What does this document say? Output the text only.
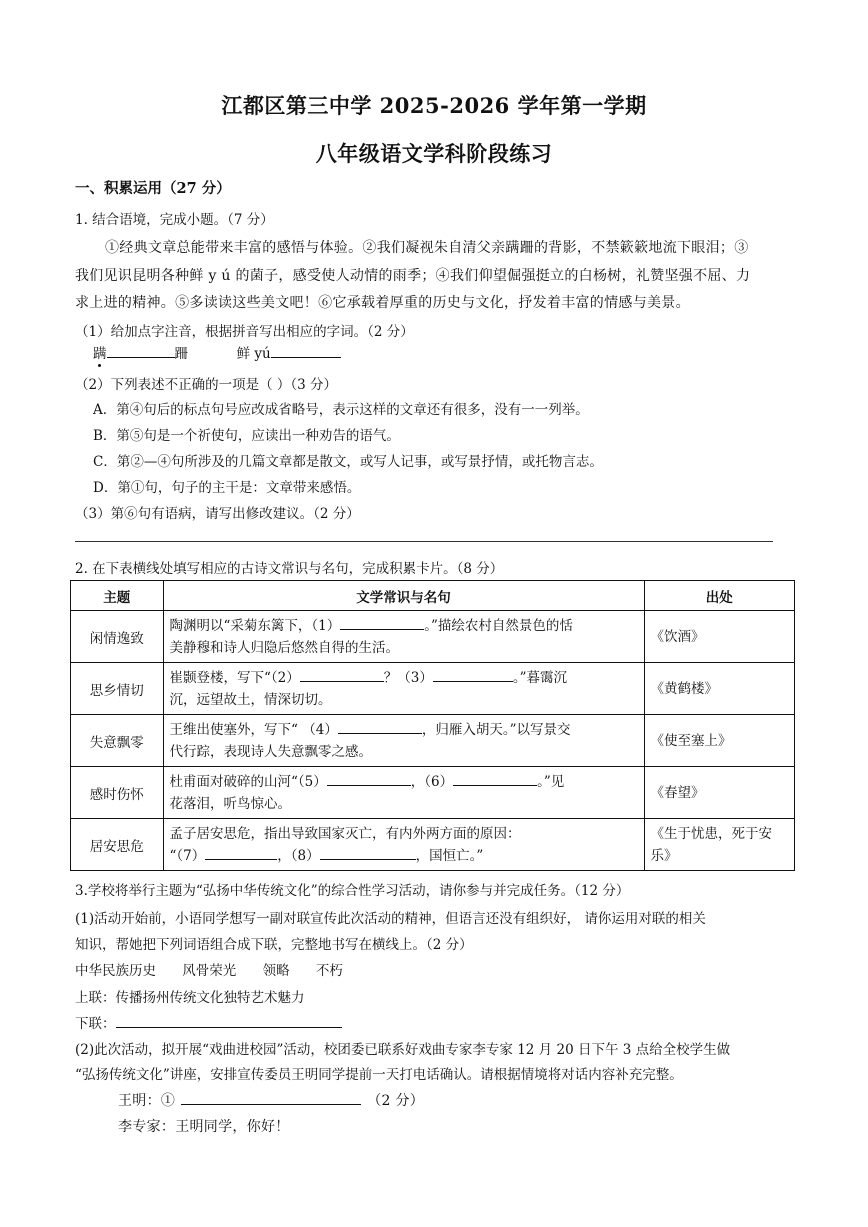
江都区第三中学 2025-2026 学年第一学期
八年级语文学科阶段练习
一、积累运用（27 分）
1. 结合语境，完成小题。（7 分）
①经典文章总能带来丰富的感悟与体验。②我们凝视朱自清父亲蹒跚的背影，不禁簌簌地流下眼泪；③
我们见识昆明各种鲜 y ú 的菌子，感受使人动情的雨季；④我们仰望倔强挺立的白杨树，礼赞坚强不屈、力
求上进的精神。⑤多读读这些美文吧！⑥它承载着厚重的历史与文化，抒发着丰富的情感与美景。
（1）给加点字注音，根据拼音写出相应的字词。（2 分）
蹒	跚	鲜 yú
（2）下列表述不正确的一项是（ ）（3 分）
A．第④句后的标点句号应改成省略号，表示这样的文章还有很多，没有一一列举。
B．第⑤句是一个祈使句，应读出一种劝告的语气。
C．第②—④句所涉及的几篇文章都是散文，或写人记事，或写景抒情，或托物言志。
D．第①句，句子的主干是：文章带来感悟。
（3）第⑥句有语病，请写出修改建议。（2 分）
2. 在下表横线处填写相应的古诗文常识与名句，完成积累卡片。（8 分）
主题	文学常识与名句	出处
闲情逸致	陶渊明以“采菊东篱下，（1） 。”描绘农村自然景色的恬
美静穆和诗人归隐后悠然自得的生活。	《饮酒》
思乡情切	崔颢登楼，写下“（2） ？（3） 。”暮霭沉
沉，远望故土，情深切切。	《黄鹤楼》
失意飘零	王维出使塞外，写下“ （4） ，归雁入胡天。”以写景交
代行踪，表现诗人失意飘零之感。	《使至塞上》
感时伤怀	杜甫面对破碎的山河“（5） ，（6） 。”见
花落泪，听鸟惊心。	《春望》
居安思危	孟子居安思危，指出导致国家灭亡，有内外两方面的原因：
“（7） ，（8） ，国恒亡。”	《生于忧患，死于安
乐》
3.学校将举行主题为“弘扬中华传统文化”的综合性学习活动，请你参与并完成任务。（12 分）
(1)活动开始前，小语同学想写一副对联宣传此次活动的精神，但语言还没有组织好， 请你运用对联的相关
知识，帮她把下列词语组合成下联，完整地书写在横线上。（2 分）
中华民族历史 风骨荣光 领略 不朽
上联：传播扬州传统文化独特艺术魅力
下联：
(2)此次活动，拟开展“戏曲进校园”活动，校团委已联系好戏曲专家李专家 12 月 20 日下午 3 点给全校学生做
“弘扬传统文化”讲座，安排宣传委员王明同学提前一天打电话确认。请根据情境将对话内容补充完整。
王明：①	（2 分）
李专家：王明同学，你好！
